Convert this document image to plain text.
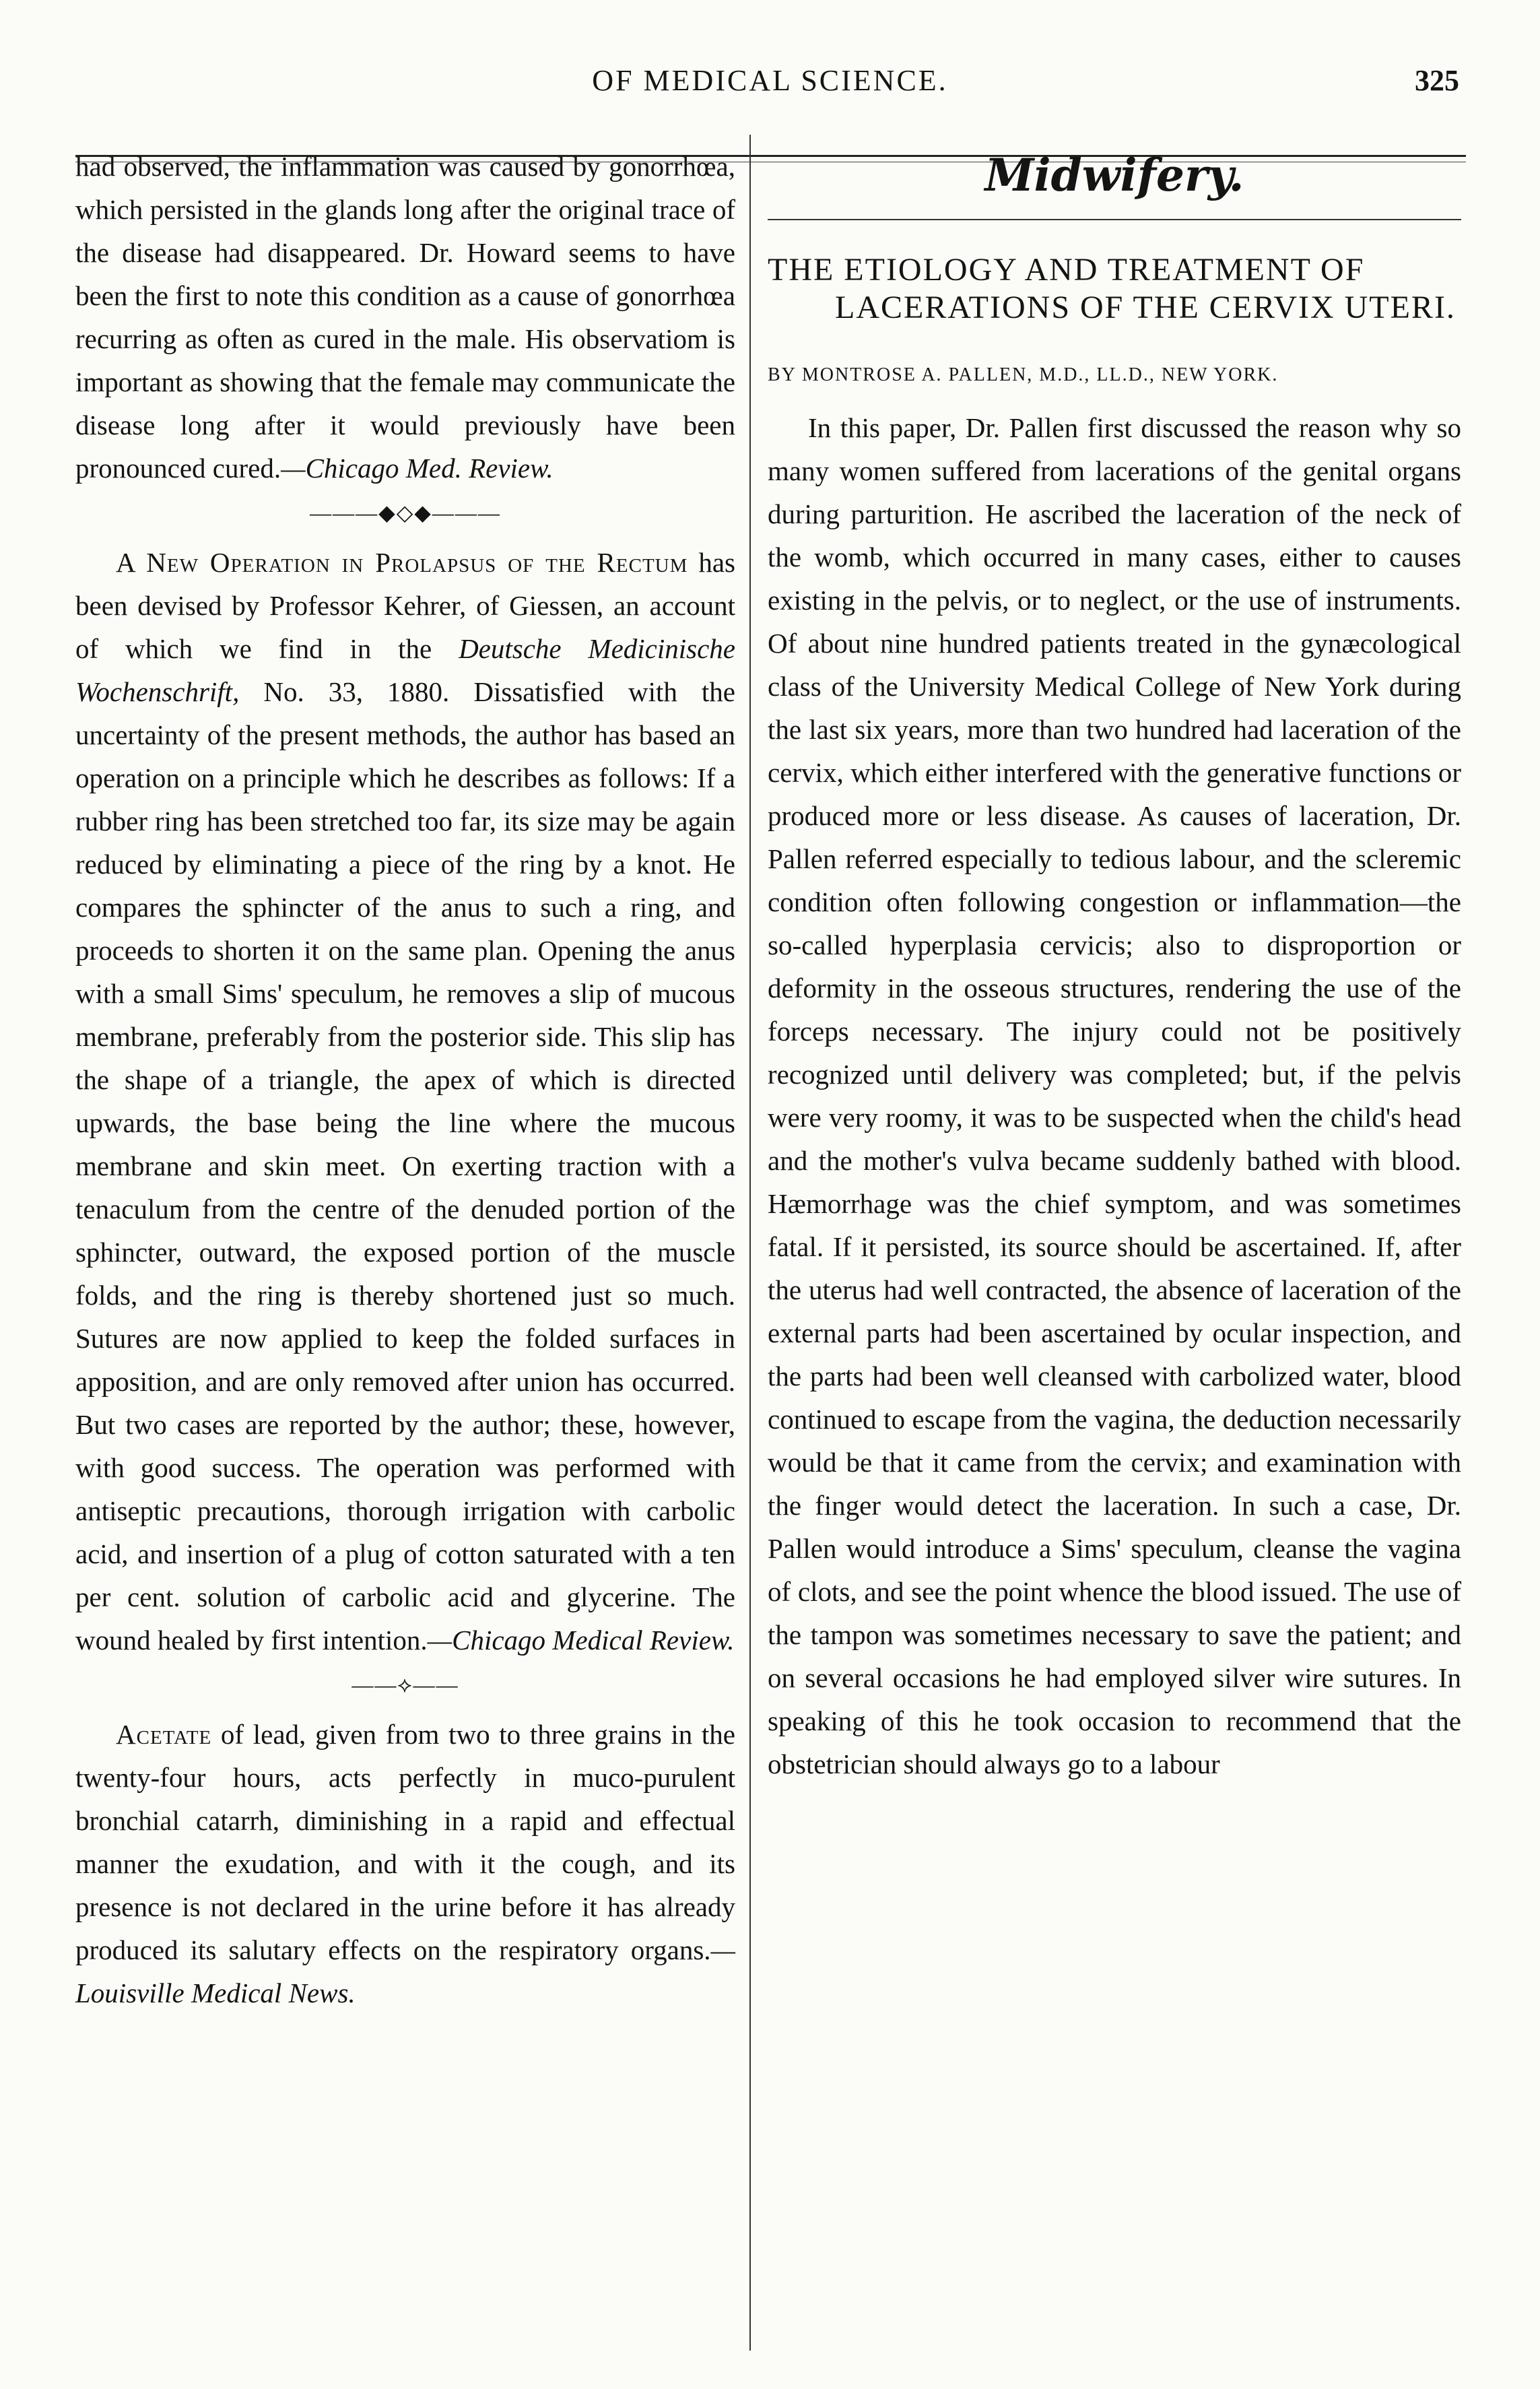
OF MEDICAL SCIENCE.	325

had observed, the inflammation was caused by gonorrhœa, which persisted in the glands long after the original trace of the disease had disappeared. Dr. Howard seems to have been the first to note this condition as a cause of gonorrhœa recurring as often as cured in the male. His observatiom is important as showing that the female may communicate the disease long after it would previously have been pronounced cured.—Chicago Med. Review.

———◆◇◆———

A New Operation in Prolapsus of the Rectum has been devised by Professor Kehrer, of Giessen, an account of which we find in the Deutsche Medicinische Wochenschrift, No. 33, 1880. Dissatisfied with the uncertainty of the present methods, the author has based an operation on a principle which he describes as follows: If a rubber ring has been stretched too far, its size may be again reduced by eliminating a piece of the ring by a knot. He compares the sphincter of the anus to such a ring, and proceeds to shorten it on the same plan. Opening the anus with a small Sims' speculum, he removes a slip of mucous membrane, preferably from the posterior side. This slip has the shape of a triangle, the apex of which is directed upwards, the base being the line where the mucous membrane and skin meet. On exerting traction with a tenaculum from the centre of the denuded portion of the sphincter, outward, the exposed portion of the muscle folds, and the ring is thereby shortened just so much. Sutures are now applied to keep the folded surfaces in apposition, and are only removed after union has occurred. But two cases are reported by the author; these, however, with good success. The operation was performed with antiseptic precautions, thorough irrigation with carbolic acid, and insertion of a plug of cotton saturated with a ten per cent. solution of carbolic acid and glycerine. The wound healed by first intention.—Chicago Medical Review.

——⟡——

Acetate of lead, given from two to three grains in the twenty-four hours, acts perfectly in muco-purulent bronchial catarrh, diminishing in a rapid and effectual manner the exudation, and with it the cough, and its presence is not declared in the urine before it has already produced its salutary effects on the respiratory organs.—Louisville Medical News.

Midwifery.
THE ETIOLOGY AND TREATMENT OF LACERATIONS OF THE CERVIX UTERI.
BY MONTROSE A. PALLEN, M.D., LL.D., NEW YORK.

In this paper, Dr. Pallen first discussed the reason why so many women suffered from lacerations of the genital organs during parturition. He ascribed the laceration of the neck of the womb, which occurred in many cases, either to causes existing in the pelvis, or to neglect, or the use of instruments. Of about nine hundred patients treated in the gynæcological class of the University Medical College of New York during the last six years, more than two hundred had laceration of the cervix, which either interfered with the generative functions or produced more or less disease. As causes of laceration, Dr. Pallen referred especially to tedious labour, and the scleremic condition often following congestion or inflammation—the so-called hyperplasia cervicis; also to disproportion or deformity in the osseous structures, rendering the use of the forceps necessary. The injury could not be positively recognized until delivery was completed; but, if the pelvis were very roomy, it was to be suspected when the child's head and the mother's vulva became suddenly bathed with blood. Hæmorrhage was the chief symptom, and was sometimes fatal. If it persisted, its source should be ascertained. If, after the uterus had well contracted, the absence of laceration of the external parts had been ascertained by ocular inspection, and the parts had been well cleansed with carbolized water, blood continued to escape from the vagina, the deduction necessarily would be that it came from the cervix; and examination with the finger would detect the laceration. In such a case, Dr. Pallen would introduce a Sims' speculum, cleanse the vagina of clots, and see the point whence the blood issued. The use of the tampon was sometimes necessary to save the patient; and on several occasions he had employed silver wire sutures. In speaking of this he took occasion to recommend that the obstetrician should always go to a labour
